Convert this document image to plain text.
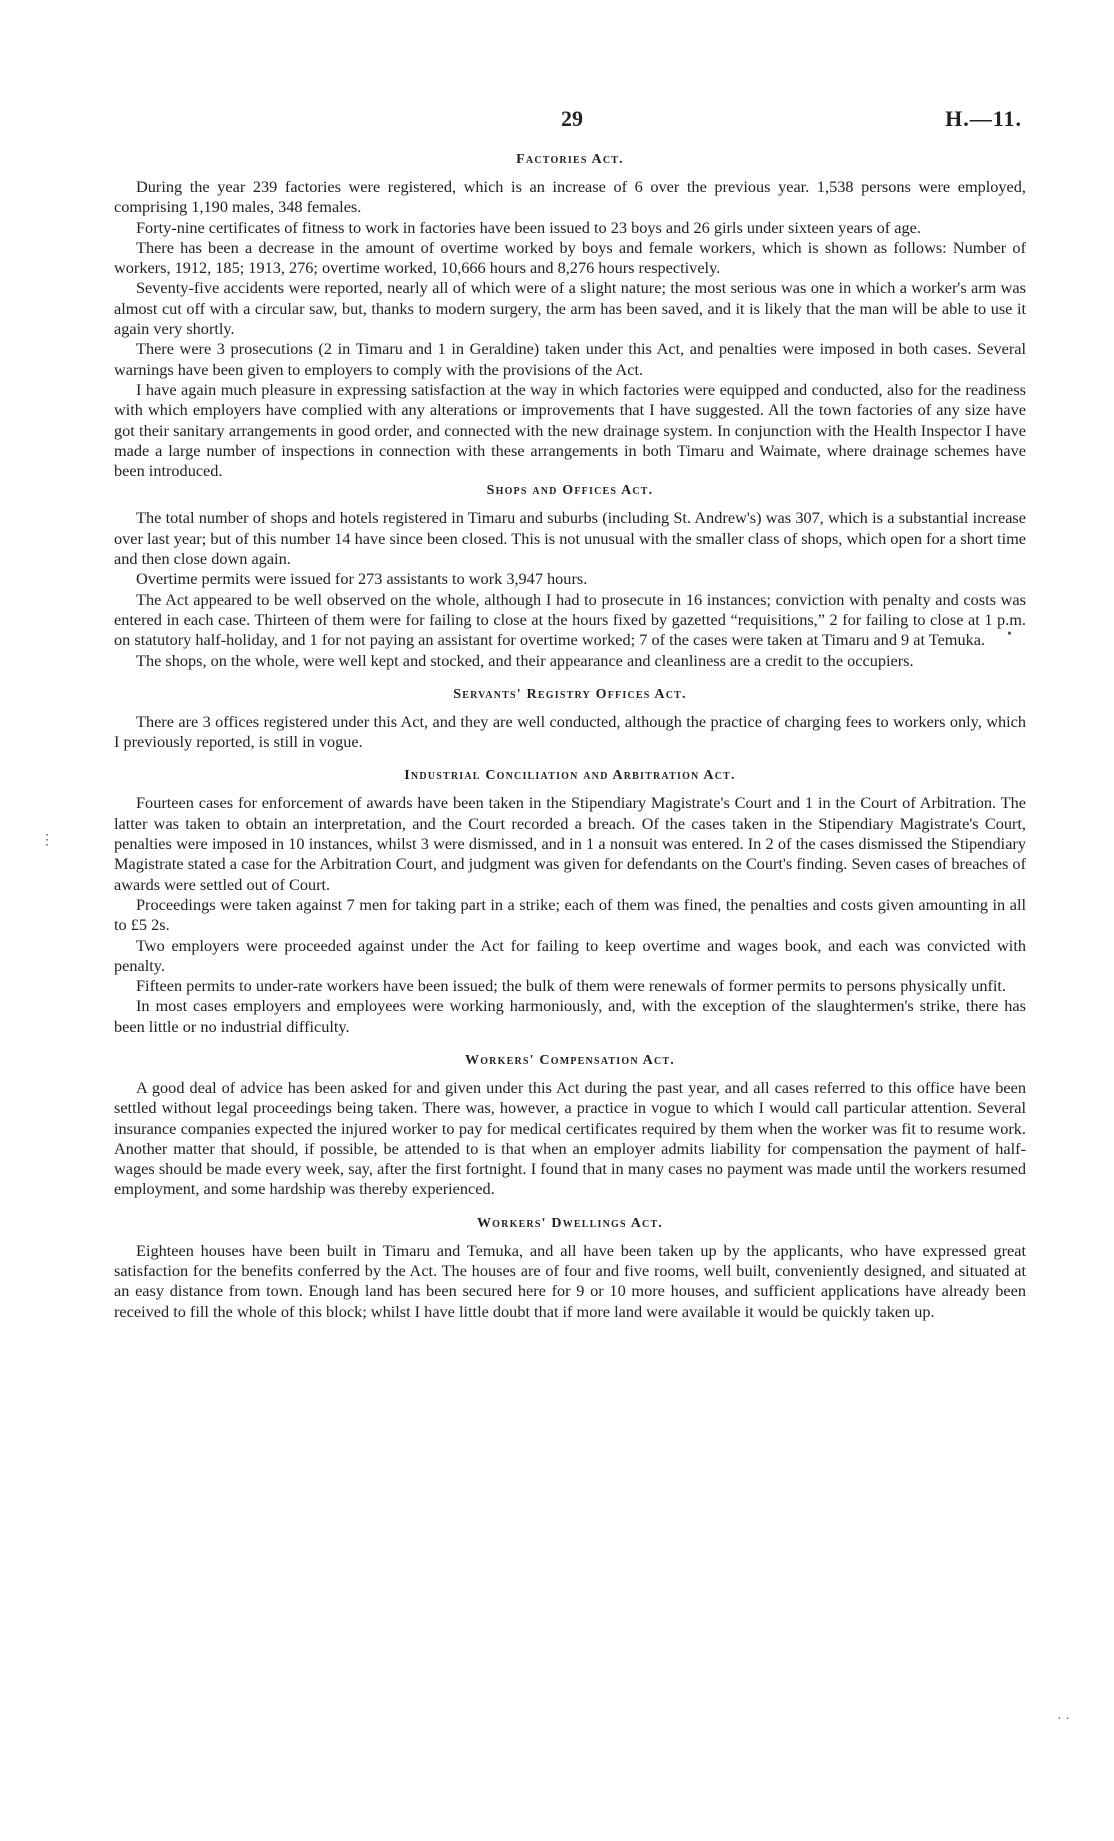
29	H.—11.
•
⋮
· ·
Factories Act.

During the year 239 factories were registered, which is an increase of 6 over the previous year. 1,538 persons were employed, comprising 1,190 males, 348 females.

Forty-nine certificates of fitness to work in factories have been issued to 23 boys and 26 girls under sixteen years of age.

There has been a decrease in the amount of overtime worked by boys and female workers, which is shown as follows: Number of workers, 1912, 185; 1913, 276; overtime worked, 10,666 hours and 8,276 hours respectively.

Seventy-five accidents were reported, nearly all of which were of a slight nature; the most serious was one in which a worker's arm was almost cut off with a circular saw, but, thanks to modern surgery, the arm has been saved, and it is likely that the man will be able to use it again very shortly.

There were 3 prosecutions (2 in Timaru and 1 in Geraldine) taken under this Act, and penalties were imposed in both cases. Several warnings have been given to employers to comply with the provisions of the Act.

I have again much pleasure in expressing satisfaction at the way in which factories were equipped and conducted, also for the readiness with which employers have complied with any alterations or improvements that I have suggested. All the town factories of any size have got their sanitary arrangements in good order, and connected with the new drainage system. In conjunction with the Health Inspector I have made a large number of inspections in connection with these arrangements in both Timaru and Waimate, where drainage schemes have been introduced.

Shops and Offices Act.

The total number of shops and hotels registered in Timaru and suburbs (including St. Andrew's) was 307, which is a substantial increase over last year; but of this number 14 have since been closed. This is not unusual with the smaller class of shops, which open for a short time and then close down again.

Overtime permits were issued for 273 assistants to work 3,947 hours.

The Act appeared to be well observed on the whole, although I had to prosecute in 16 instances; conviction with penalty and costs was entered in each case. Thirteen of them were for failing to close at the hours fixed by gazetted “requisitions,” 2 for failing to close at 1 p.m. on statutory half-holiday, and 1 for not paying an assistant for overtime worked; 7 of the cases were taken at Timaru and 9 at Temuka.

The shops, on the whole, were well kept and stocked, and their appearance and cleanliness are a credit to the occupiers.

Servants' Registry Offices Act.

There are 3 offices registered under this Act, and they are well conducted, although the practice of charging fees to workers only, which I previously reported, is still in vogue.

Industrial Conciliation and Arbitration Act.

Fourteen cases for enforcement of awards have been taken in the Stipendiary Magistrate's Court and 1 in the Court of Arbitration. The latter was taken to obtain an interpretation, and the Court recorded a breach. Of the cases taken in the Stipendiary Magistrate's Court, penalties were imposed in 10 instances, whilst 3 were dismissed, and in 1 a nonsuit was entered. In 2 of the cases dismissed the Stipendiary Magistrate stated a case for the Arbitration Court, and judgment was given for defendants on the Court's finding. Seven cases of breaches of awards were settled out of Court.

Proceedings were taken against 7 men for taking part in a strike; each of them was fined, the penalties and costs given amounting in all to £5 2s.

Two employers were proceeded against under the Act for failing to keep overtime and wages book, and each was convicted with penalty.

Fifteen permits to under-rate workers have been issued; the bulk of them were renewals of former permits to persons physically unfit.

In most cases employers and employees were working harmoniously, and, with the exception of the slaughtermen's strike, there has been little or no industrial difficulty.

Workers' Compensation Act.

A good deal of advice has been asked for and given under this Act during the past year, and all cases referred to this office have been settled without legal proceedings being taken. There was, however, a practice in vogue to which I would call particular attention. Several insurance companies expected the injured worker to pay for medical certificates required by them when the worker was fit to resume work. Another matter that should, if possible, be attended to is that when an employer admits liability for compensation the payment of half-wages should be made every week, say, after the first fortnight. I found that in many cases no payment was made until the workers resumed employment, and some hardship was thereby experienced.

Workers' Dwellings Act.

Eighteen houses have been built in Timaru and Temuka, and all have been taken up by the applicants, who have expressed great satisfaction for the benefits conferred by the Act. The houses are of four and five rooms, well built, conveniently designed, and situated at an easy distance from town. Enough land has been secured here for 9 or 10 more houses, and sufficient applications have already been received to fill the whole of this block; whilst I have little doubt that if more land were available it would be quickly taken up.
